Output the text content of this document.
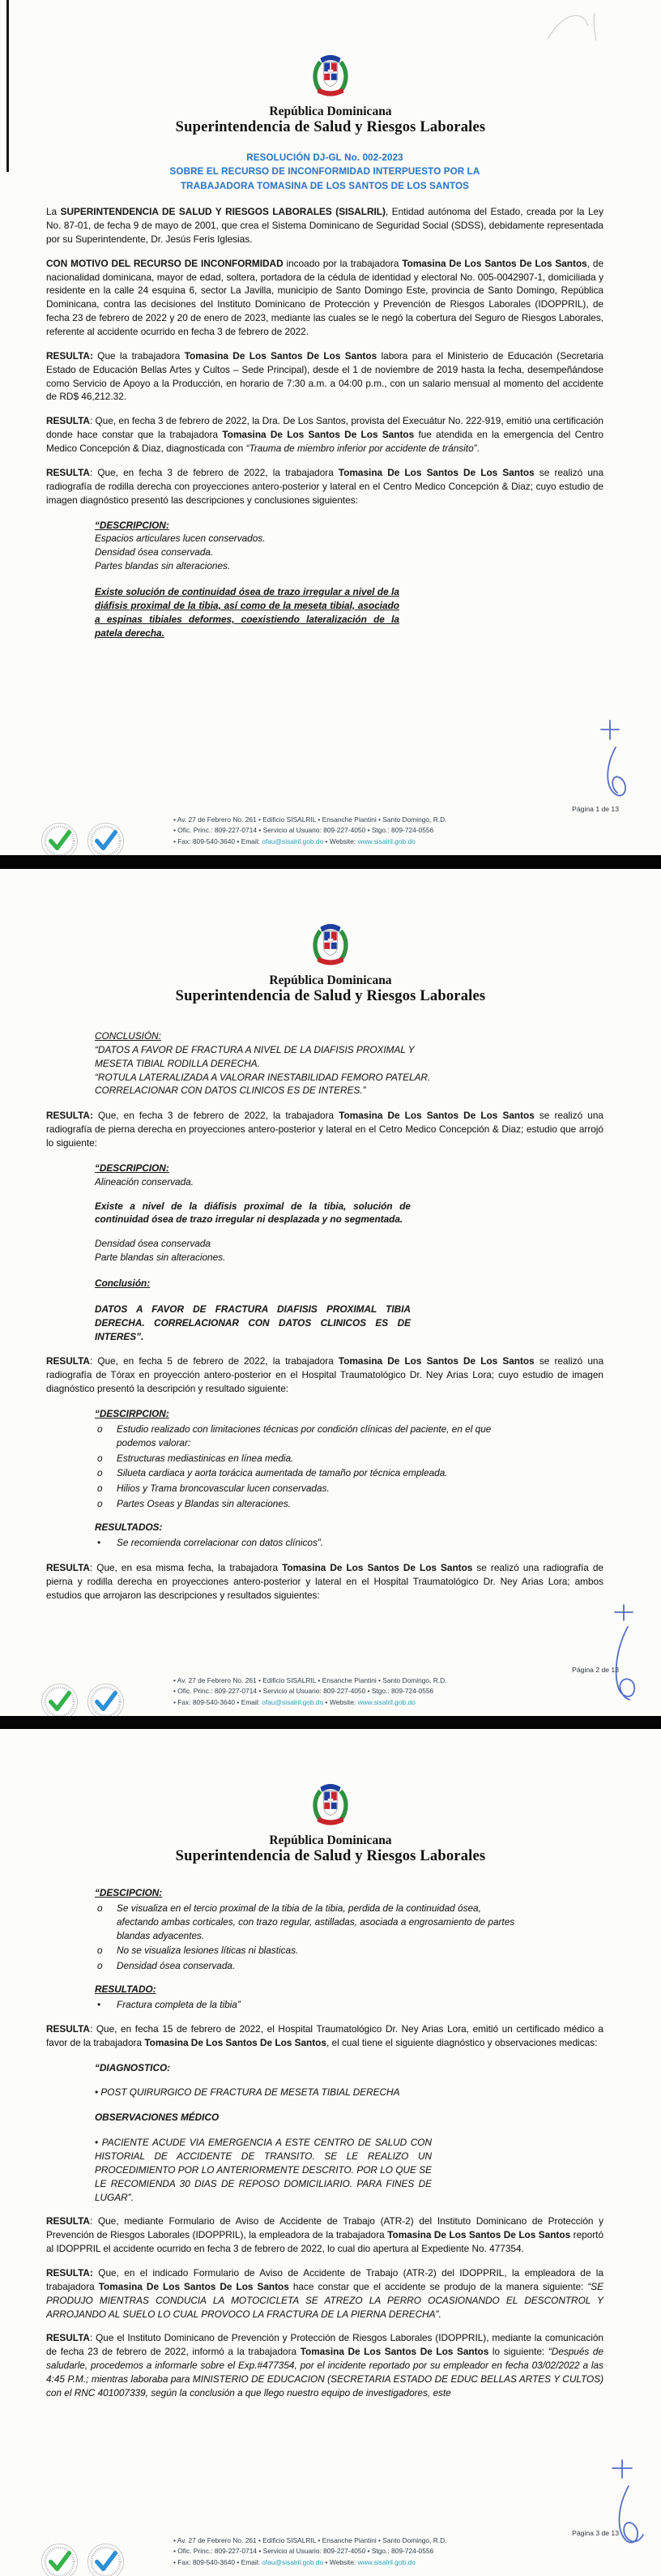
República Dominicana
Superintendencia de Salud y Riesgos Laborales
RESOLUCIÓN DJ-GL No. 002-2023
SOBRE EL RECURSO DE INCONFORMIDAD INTERPUESTO POR LA
TRABAJADORA TOMASINA DE LOS SANTOS DE LOS SANTOS
La SUPERINTENDENCIA DE SALUD Y RIESGOS LABORALES (SISALRIL), Entidad autónoma del Estado, creada por la Ley No. 87-01, de fecha 9 de mayo de 2001, que crea el Sistema Dominicano de Seguridad Social (SDSS), debidamente representada por su Superintendente, Dr. Jesús Feris Iglesias.
CON MOTIVO DEL RECURSO DE INCONFORMIDAD incoado por la trabajadora Tomasina De Los Santos De Los Santos, de nacionalidad dominicana, mayor de edad, soltera, portadora de la cédula de identidad y electoral No. 005-0042907-1, domiciliada y residente en la calle 24 esquina 6, sector La Javilla, municipio de Santo Domingo Este, provincia de Santo Domingo, República Dominicana, contra las decisiones del Instituto Dominicano de Protección y Prevención de Riesgos Laborales (IDOPPRIL), de fecha 23 de febrero de 2022 y 20 de enero de 2023, mediante las cuales se le negó la cobertura del Seguro de Riesgos Laborales, referente al accidente ocurrido en fecha 3 de febrero de 2022.
RESULTA: Que la trabajadora Tomasina De Los Santos De Los Santos labora para el Ministerio de Educación (Secretaria Estado de Educación Bellas Artes y Cultos – Sede Principal), desde el 1 de noviembre de 2019 hasta la fecha, desempeñándose como Servicio de Apoyo a la Producción, en horario de 7:30 a.m. a 04:00 p.m., con un salario mensual al momento del accidente de RD$ 46,212.32.
RESULTA: Que, en fecha 3 de febrero de 2022, la Dra. De Los Santos, provista del Execuátur No. 222-919, emitió una certificación donde hace constar que la trabajadora Tomasina De Los Santos De Los Santos fue atendida en la emergencia del Centro Medico Concepción & Diaz, diagnosticada con “Trauma de miembro inferior por accidente de tránsito”.
RESULTA: Que, en fecha 3 de febrero de 2022, la trabajadora Tomasina De Los Santos De Los Santos se realizó una radiografía de rodilla derecha con proyecciones antero-posterior y lateral en el Centro Medico Concepción & Diaz; cuyo estudio de imagen diagnóstico presentó las descripciones y conclusiones siguientes:
“DESCRIPCION:
Espacios articulares lucen conservados.
Densidad ósea conservada.
Partes blandas sin alteraciones.
Existe solución de continuidad ósea de trazo irregular a nivel de la diáfisis proximal de la tibia, así como de la meseta tibial, asociado a espinas tibiales deformes, coexistiendo lateralización de la patela derecha.
Página 1 de 13
• Av. 27 de Febrero No. 261 • Edificio SISALRIL • Ensanche Piantini • Santo Domingo, R.D.
• Ofic. Princ.: 809-227-0714 • Servicio al Usuario: 809-227-4050 • Stgo.: 809-724-0556
• Fax: 809-540-3640 • Email: ofau@sisalril.gob.do • Website: www.sisalril.gob.do
República Dominicana
Superintendencia de Salud y Riesgos Laborales
CONCLUSIÓN:
“DATOS A FAVOR DE FRACTURA A NIVEL DE LA DIAFISIS PROXIMAL Y MESETA TIBIAL RODILLA DERECHA.
“ROTULA LATERALIZADA A VALORAR INESTABILIDAD FEMORO PATELAR.
CORRELACIONAR CON DATOS CLINICOS ES DE INTERES.”
RESULTA: Que, en fecha 3 de febrero de 2022, la trabajadora Tomasina De Los Santos De Los Santos se realizó una radiografía de pierna derecha en proyecciones antero-posterior y lateral en el Cetro Medico Concepción & Diaz; estudio que arrojó lo siguiente:
“DESCRIPCION:
Alineación conservada.
Existe a nivel de la diáfisis proximal de la tibia, solución de continuidad ósea de trazo irregular ni desplazada y no segmentada.
Densidad ósea conservada
Parte blandas sin alteraciones.
Conclusión:
DATOS A FAVOR DE FRACTURA DIAFISIS PROXIMAL TIBIA DERECHA. CORRELACIONAR CON DATOS CLINICOS ES DE INTERES”.
RESULTA: Que, en fecha 5 de febrero de 2022, la trabajadora Tomasina De Los Santos De Los Santos se realizó una radiografía de Tórax en proyección antero-posterior en el Hospital Traumatológico Dr. Ney Arias Lora; cuyo estudio de imagen diagnóstico presentó la descripción y resultado siguiente:
“DESCIRPCION:
o	Estudio realizado con limitaciones técnicas por condición clínicas del paciente, en el que podemos valorar:
o	Estructuras mediastinicas en línea media.
o	Silueta cardiaca y aorta torácica aumentada de tamaño por técnica empleada.
o	Hilios y Trama broncovascular lucen conservadas.
o	Partes Oseas y Blandas sin alteraciones.
RESULTADOS:
•	Se recomienda correlacionar con datos clínicos”.
RESULTA: Que, en esa misma fecha, la trabajadora Tomasina De Los Santos De Los Santos se realizó una radiografía de pierna y rodilla derecha en proyecciones antero-posterior y lateral en el Hospital Traumatológico Dr. Ney Arias Lora; ambos estudios que arrojaron las descripciones y resultados siguientes:
Página 2 de 13
• Av. 27 de Febrero No. 261 • Edificio SISALRIL • Ensanche Piantini • Santo Domingo, R.D.
• Ofic. Princ.: 809-227-0714 • Servicio al Usuario: 809-227-4050 • Stgo.: 809-724-0556
• Fax: 809-540-3640 • Email: ofau@sisalril.gob.do • Website: www.sisalril.gob.do
República Dominicana
Superintendencia de Salud y Riesgos Laborales
“DESCIPCION:
o	Se visualiza en el tercio proximal de la tibia de la tibia, perdida de la continuidad ósea, afectando ambas corticales, con trazo regular, astilladas, asociada a engrosamiento de partes blandas adyacentes.
o	No se visualiza lesiones líticas ni blasticas.
o	Densidad ósea conservada.
RESULTADO:
•	Fractura completa de la tibia”
RESULTA: Que, en fecha 15 de febrero de 2022, el Hospital Traumatológico Dr. Ney Arias Lora, emitió un certificado médico a favor de la trabajadora Tomasina De Los Santos De Los Santos, el cual tiene el siguiente diagnóstico y observaciones medicas:
“DIAGNOSTICO:
• POST QUIRURGICO DE FRACTURA DE MESETA TIBIAL DERECHA
OBSERVACIONES MÉDICO
• PACIENTE ACUDE VIA EMERGENCIA A ESTE CENTRO DE SALUD CON HISTORIAL DE ACCIDENTE DE TRANSITO. SE LE REALIZO UN PROCEDIMIENTO POR LO ANTERIORMENTE DESCRITO. POR LO QUE SE LE RECOMIENDA 30 DIAS DE REPOSO DOMICILIARIO. PARA FINES DE LUGAR”.
RESULTA: Que, mediante Formulario de Aviso de Accidente de Trabajo (ATR-2) del Instituto Dominicano de Protección y Prevención de Riesgos Laborales (IDOPPRIL), la empleadora de la trabajadora Tomasina De Los Santos De Los Santos reportó al IDOPPRIL el accidente ocurrido en fecha 3 de febrero de 2022, lo cual dio apertura al Expediente No. 477354.
RESULTA: Que, en el indicado Formulario de Aviso de Accidente de Trabajo (ATR-2) del IDOPPRIL, la empleadora de la trabajadora Tomasina De Los Santos De Los Santos hace constar que el accidente se produjo de la manera siguiente: “SE PRODUJO MIENTRAS CONDUCIA LA MOTOCICLETA SE ATREZO LA PERRO OCASIONANDO EL DESCONTROL Y ARROJANDO AL SUELO LO CUAL PROVOCO LA FRACTURA DE LA PIERNA DERECHA”.
RESULTA: Que el Instituto Dominicano de Prevención y Protección de Riesgos Laborales (IDOPPRIL), mediante la comunicación de fecha 23 de febrero de 2022, informó a la trabajadora Tomasina De Los Santos De Los Santos lo siguiente: “Después de saludarle, procedemos a informarle sobre el Exp.#477354, por el incidente reportado por su empleador en fecha 03/02/2022 a las 4:45 P.M.; mientras laboraba para MINISTERIO DE EDUCACION (SECRETARIA ESTADO DE EDUC BELLAS ARTES Y CULTOS) con el RNC 401007339, según la conclusión a que llego nuestro equipo de investigadores, este
Página 3 de 13
• Av. 27 de Febrero No. 261 • Edificio SISALRIL • Ensanche Piantini • Santo Domingo, R.D.
• Ofic. Princ.: 809-227-0714 • Servicio al Usuario: 809-227-4050 • Stgo.: 809-724-0556
• Fax: 809-540-3640 • Email: ofau@sisalril.gob.do • Website: www.sisalril.gob.do
